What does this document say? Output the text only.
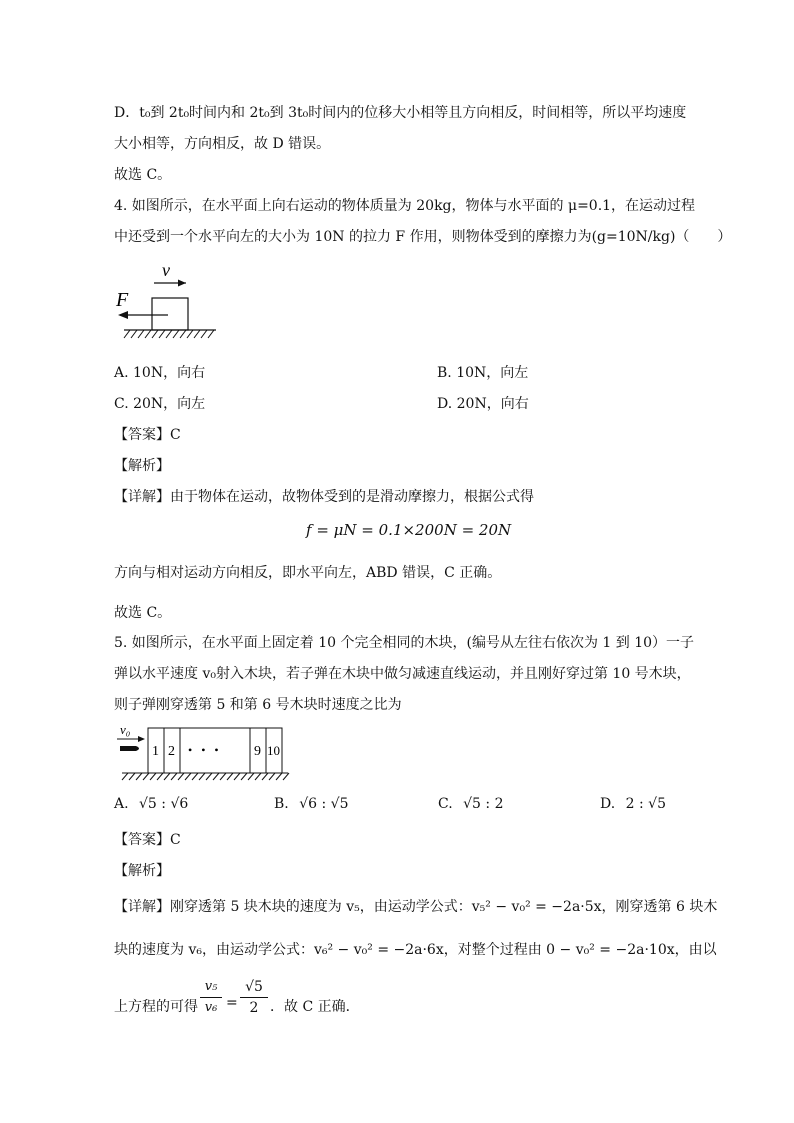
D．t₀到 2t₀时间内和 2t₀到 3t₀时间内的位移大小相等且方向相反，时间相等，所以平均速度
大小相等，方向相反，故 D 错误。
故选 C。
4. 如图所示，在水平面上向右运动的物体质量为 20kg，物体与水平面的 μ=0.1，在运动过程
中还受到一个水平向左的大小为 10N 的拉力 F 作用，则物体受到的摩擦力为(g=10N/kg)（　　）
v
F
A. 10N，向右	B. 10N，向左
C. 20N，向左	D. 20N，向右
【答案】C
【解析】
【详解】由于物体在运动，故物体受到的是滑动摩擦力，根据公式得
f = μN = 0.1×200N = 20N
方向与相对运动方向相反，即水平向左，ABD 错误，C 正确。
故选 C。
5. 如图所示，在水平面上固定着 10 个完全相同的木块，(编号从左往右依次为 1 到 10）一子
弹以水平速度 v₀射入木块，若子弹在木块中做匀减速直线运动，并且刚好穿过第 10 号木块，
则子弹刚穿透第 5 和第 6 号木块时速度之比为
v₀
1 2 •   •   •	9 10
A. √5 : √6	B. √6 : √5	C. √5 : 2	D. 2 : √5
【答案】C
【解析】
【详解】刚穿透第 5 块木块的速度为 v₅，由运动学公式：v₅² − v₀² = −2a·5x，刚穿透第 6 块木
块的速度为 v₆，由运动学公式：v₆² − v₀² = −2a·6x，对整个过程由 0 − v₀² = −2a·10x，由以
上方程的可得
v₅
v₆ =
√5
2 ．故 C 正确．
